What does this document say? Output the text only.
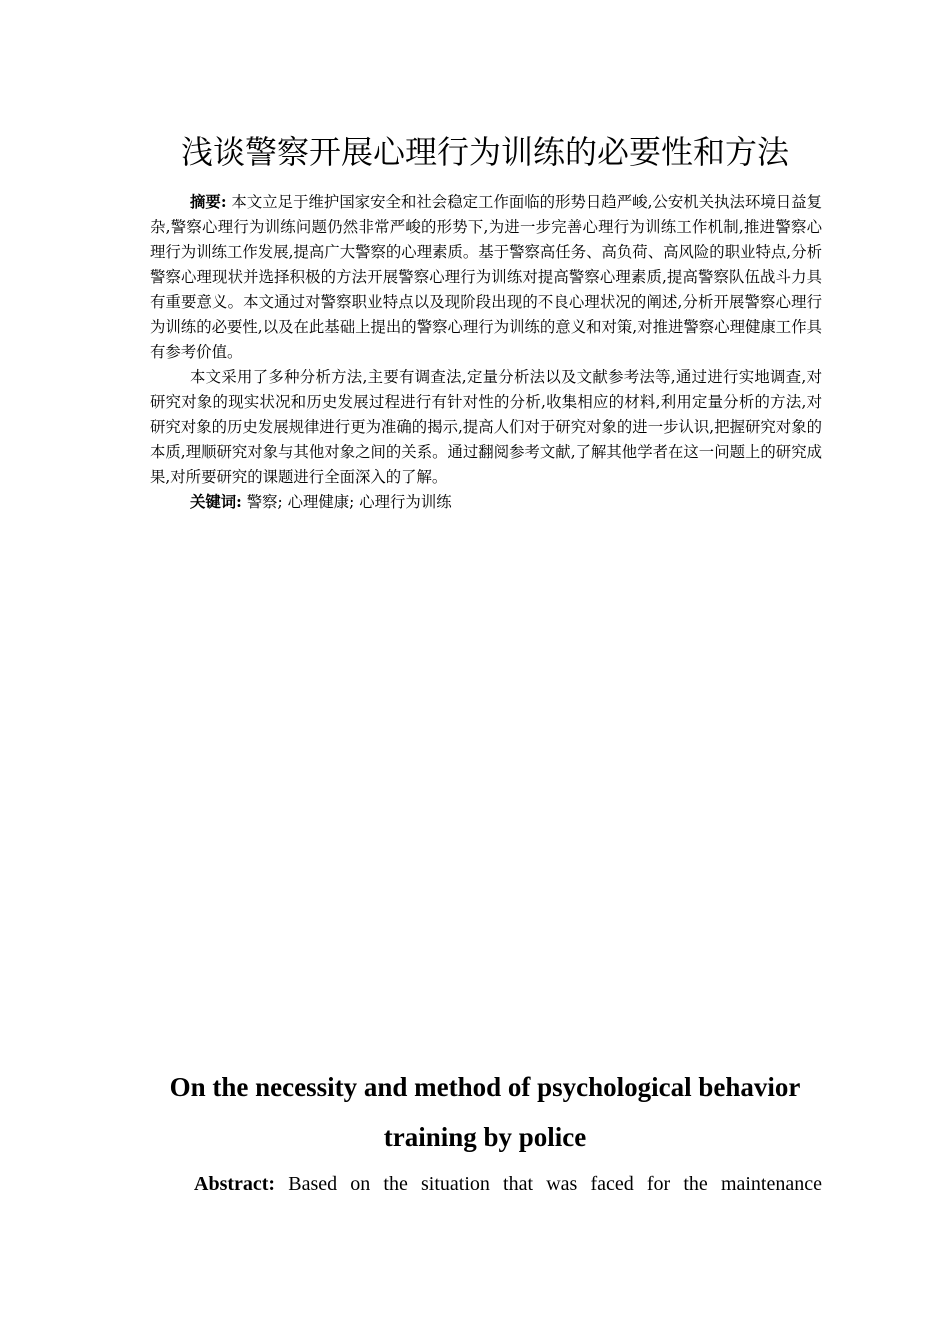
浅谈警察开展心理行为训练的必要性和方法

摘要: 本文立足于维护国家安全和社会稳定工作面临的形势日趋严峻,公安机关执法环境日益复杂,警察心理行为训练问题仍然非常严峻的形势下,为进一步完善心理行为训练工作机制,推进警察心理行为训练工作发展,提高广大警察的心理素质。基于警察高任务、高负荷、高风险的职业特点,分析警察心理现状并选择积极的方法开展警察心理行为训练对提高警察心理素质,提高警察队伍战斗力具有重要意义。本文通过对警察职业特点以及现阶段出现的不良心理状况的阐述,分析开展警察心理行为训练的必要性,以及在此基础上提出的警察心理行为训练的意义和对策,对推进警察心理健康工作具有参考价值。

本文采用了多种分析方法,主要有调查法,定量分析法以及文献参考法等,通过进行实地调查,对研究对象的现实状况和历史发展过程进行有针对性的分析,收集相应的材料,利用定量分析的方法,对研究对象的历史发展规律进行更为准确的揭示,提高人们对于研究对象的进一步认识,把握研究对象的本质,理顺研究对象与其他对象之间的关系。通过翻阅参考文献,了解其他学者在这一问题上的研究成果,对所要研究的课题进行全面深入的了解。

关键词: 警察; 心理健康; 心理行为训练

On the necessity and method of psychological behavior training by police

Abstract: Based on the situation that was faced for the maintenance
